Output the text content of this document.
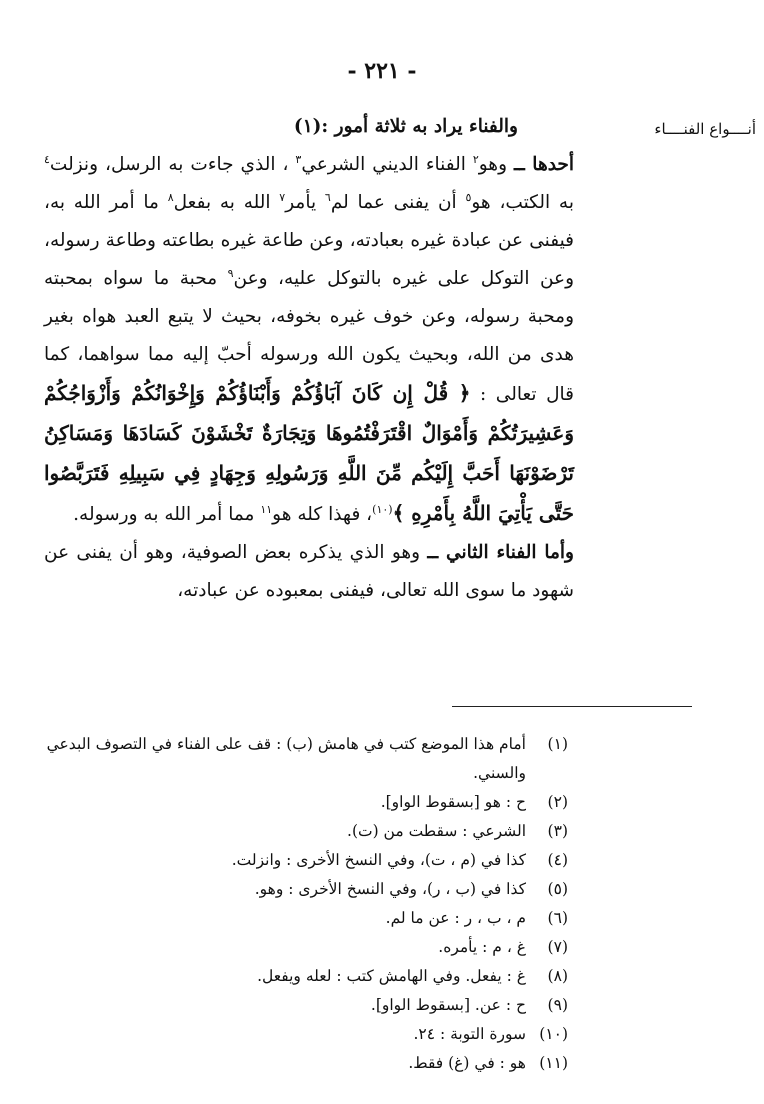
- ٢٢١ -
أنــــواع الفنــــاء

والفناء يراد به ثلاثة أمور :(١)

أحدها ــ وهو$^٢$ الفناء الديني الشرعي$^٣$ ، الذي جاءت به الرسل، ونزلت$^٤$ به الكتب، هو$^٥$ أن يفنى عما لم$^٦$ يأمر$^٧$ الله به بفعل$^٨$ ما أمر الله به، فيفنى عن عبادة غيره بعبادته، وعن طاعة غيره بطاعته وطاعة رسوله، وعن التوكل على غيره بالتوكل عليه، وعن$^٩$ محبة ما سواه بمحبته ومحبة رسوله، وعن خوف غيره بخوفه، بحيث لا يتبع العبد هواه بغير هدى من الله، وبحيث يكون الله ورسوله أحبّ إليه مما سواهما، كما قال تعالى : ﴿ قُلْ إِن كَانَ آبَاؤُكُمْ وَأَبْنَاؤُكُمْ وَإِخْوَانُكُمْ وَأَزْوَاجُكُمْ وَعَشِيرَتُكُمْ وَأَمْوَالٌ اقْتَرَفْتُمُوهَا وَتِجَارَةٌ تَخْشَوْنَ كَسَادَهَا وَمَسَاكِنُ تَرْضَوْنَهَا أَحَبَّ إِلَيْكُم مِّنَ اللَّهِ وَرَسُولِهِ وَجِهَادٍ فِي سَبِيلِهِ فَتَرَبَّصُوا حَتَّى يَأْتِيَ اللَّهُ بِأَمْرِهِ ﴾$^{(١٠)}$، فهذا كله هو$^{١١}$ مما أمر الله به ورسوله.

وأما الفناء الثاني ــ وهو الذي يذكره بعض الصوفية، وهو أن يفنى عن شهود ما سوى الله تعالى، فيفنى بمعبوده عن عبادته،

(١)
أمام هذا الموضع كتب في هامش (ب) : قف على الفناء في التصوف البدعي والسني.
(٢)
ح : هو [بسقوط الواو].
(٣)
الشرعي : سقطت من (ت).
(٤)
كذا في (م ، ت)، وفي النسخ الأخرى : وانزلت.
(٥)
كذا في (ب ، ر)، وفي النسخ الأخرى : وهو.
(٦)
م ، ب ، ر : عن ما لم.
(٧)
غ ، م : يأمره.
(٨)
غ : يفعل. وفي الهامش كتب : لعله ويفعل.
(٩)
ح : عن. [بسقوط الواو].
(١٠)
سورة التوبة : ٢٤.
(١١)
هو : في (غ) فقط.
